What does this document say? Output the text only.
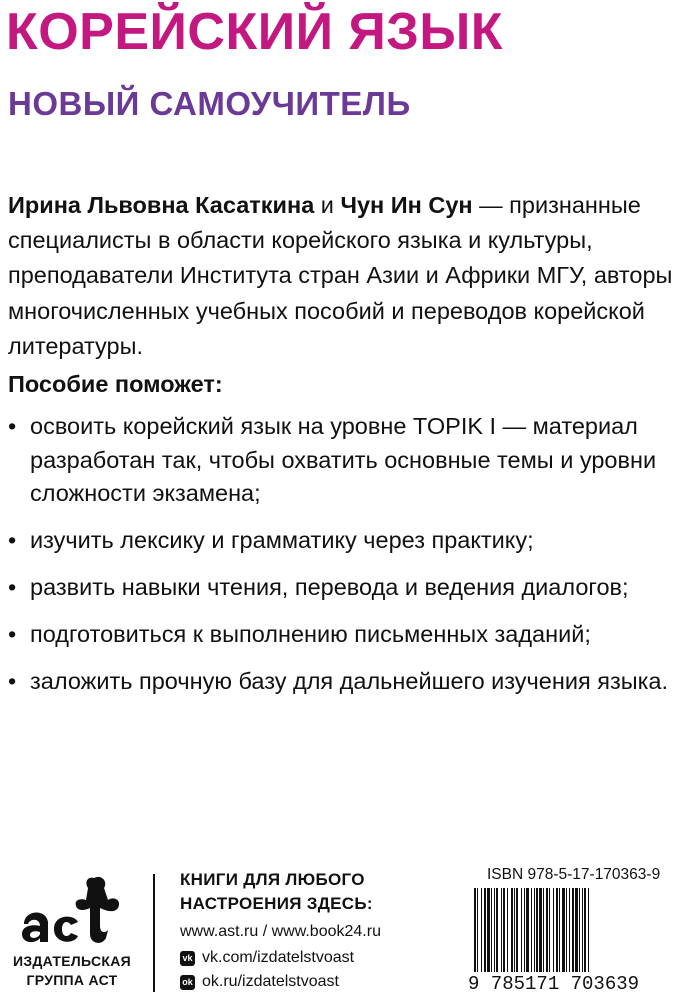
КОРЕЙСКИЙ ЯЗЫК
НОВЫЙ САМОУЧИТЕЛЬ

Ирина Львовна Касаткина и Чун Ин Сун — признанные специалисты в области корейского языка и культуры, преподаватели Института стран Азии и Африки МГУ, авторы многочисленных учебных пособий и переводов корейской литературы.

Пособие поможет:
• освоить корейский язык на уровне TOPIK I — материал разработан так, чтобы охватить основные темы и уровни сложности экзамена;
• изучить лексику и грамматику через практику;
• развить навыки чтения, перевода и ведения диалогов;
• подготовиться к выполнению письменных заданий;
• заложить прочную базу для дальнейшего изучения языка.
ИЗДАТЕЛЬСКАЯ
ГРУППА АСТ
КНИГИ ДЛЯ ЛЮБОГО
НАСТРОЕНИЯ ЗДЕСЬ:
www.ast.ru / www.book24.ru
vk vk.com/izdatelstvoast
ok ok.ru/izdatelstvoast
ISBN 978-5-17-170363-9
9 785171 703639
